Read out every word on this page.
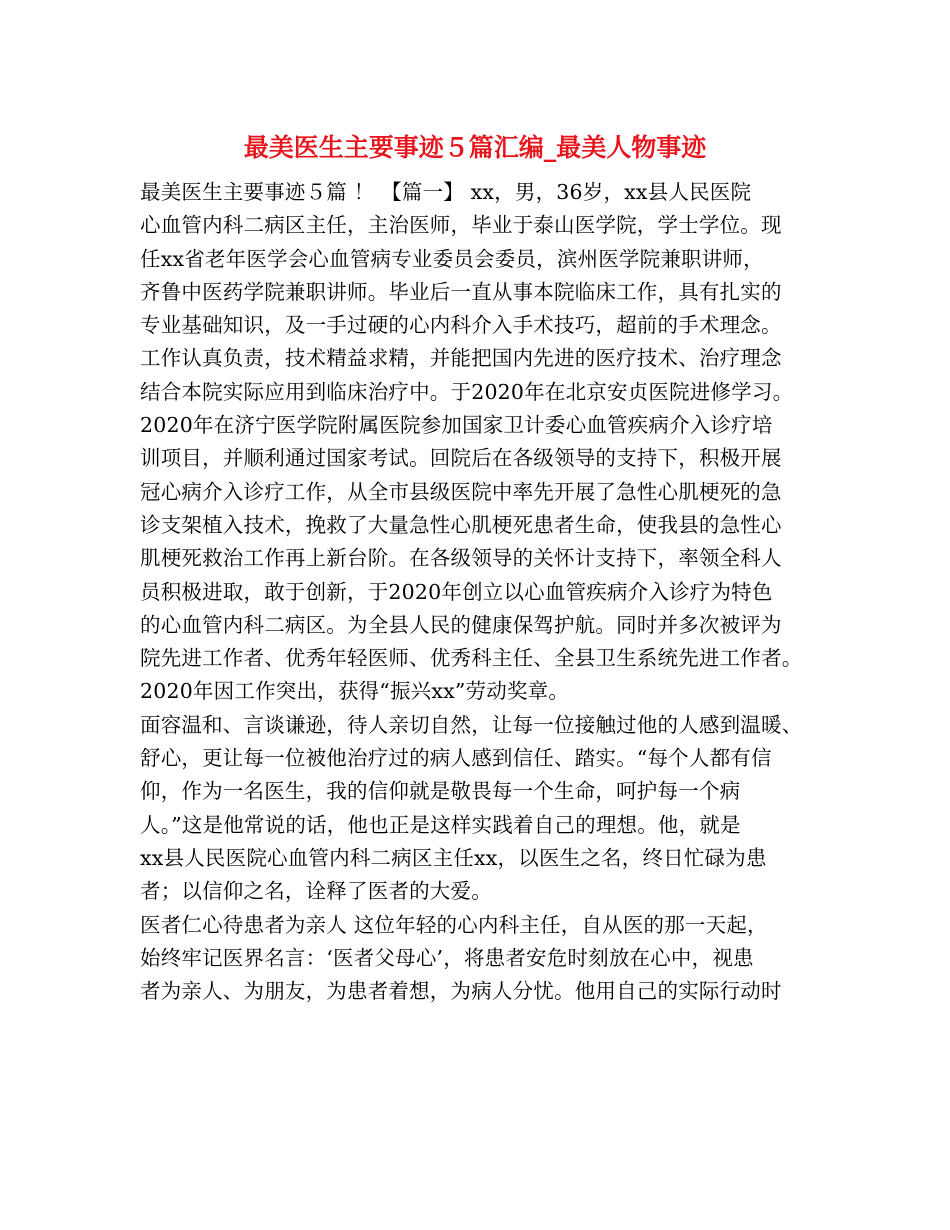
最美医生主要事迹５篇汇编_最美人物事迹
最美医生主要事迹５篇 ！ 【篇一】 xx，男，36岁，xx县人民医院
心血管内科二病区主任，主治医师，毕业于泰山医学院，学士学位。现
任xx省老年医学会心血管病专业委员会委员，滨州医学院兼职讲师，
齐鲁中医药学院兼职讲师。毕业后一直从事本院临床工作，具有扎实的
专业基础知识，及一手过硬的心内科介入手术技巧，超前的手术理念。
工作认真负责，技术精益求精，并能把国内先进的医疗技术、治疗理念
结合本院实际应用到临床治疗中。于2020年在北京安贞医院进修学习。
2020年在济宁医学院附属医院参加国家卫计委心血管疾病介入诊疗培
训项目，并顺利通过国家考试。回院后在各级领导的支持下，积极开展
冠心病介入诊疗工作，从全市县级医院中率先开展了急性心肌梗死的急
诊支架植入技术，挽救了大量急性心肌梗死患者生命，使我县的急性心
肌梗死救治工作再上新台阶。在各级领导的关怀计支持下，率领全科人
员积极进取，敢于创新，于2020年创立以心血管疾病介入诊疗为特色
的心血管内科二病区。为全县人民的健康保驾护航。同时并多次被评为
院先进工作者、优秀年轻医师、优秀科主任、全县卫生系统先进工作者。
2020年因工作突出，获得“振兴xx”劳动奖章。
面容温和、言谈谦逊，待人亲切自然，让每一位接触过他的人感到温暖、
舒心，更让每一位被他治疗过的病人感到信任、踏实。“每个人都有信
仰，作为一名医生，我的信仰就是敬畏每一个生命，呵护每一个病
人。”这是他常说的话，他也正是这样实践着自己的理想。他，就是
xx县人民医院心血管内科二病区主任xx，以医生之名，终日忙碌为患
者；以信仰之名，诠释了医者的大爱。
医者仁心待患者为亲人 这位年轻的心内科主任，自从医的那一天起，
始终牢记医界名言：‘医者父母心’，将患者安危时刻放在心中，视患
者为亲人、为朋友，为患者着想，为病人分忧。他用自己的实际行动时
